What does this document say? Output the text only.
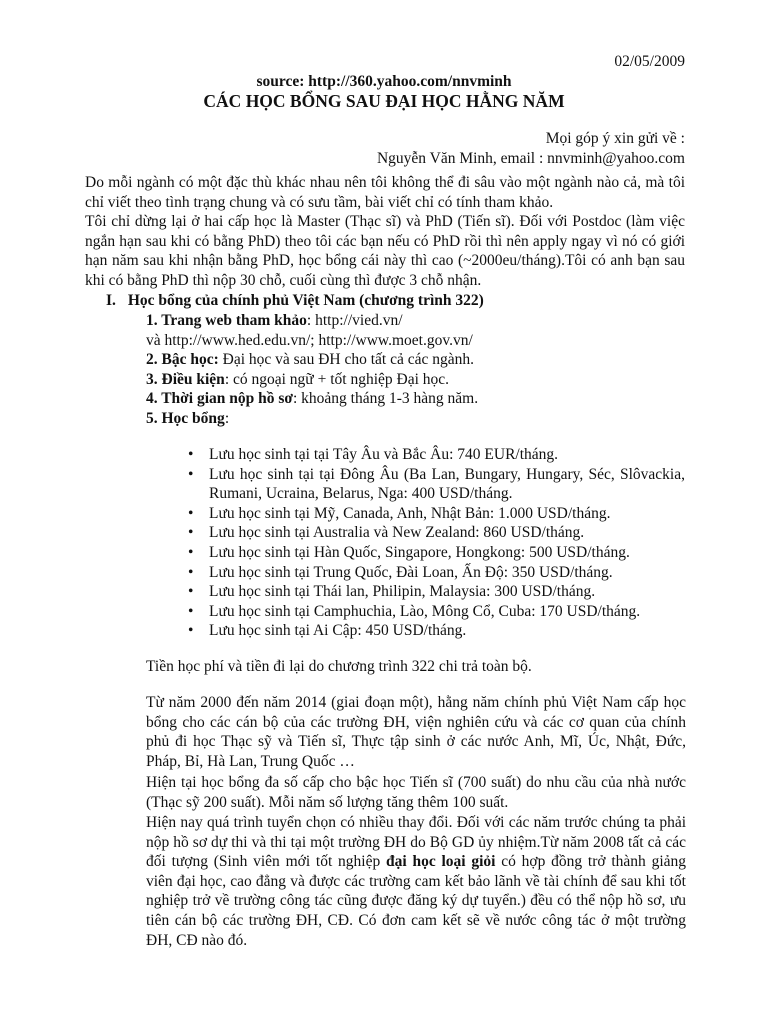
02/05/2009
source: http://360.yahoo.com/nnvminh
CÁC HỌC BỔNG SAU ĐẠI HỌC HẰNG NĂM
Mọi góp ý xin gửi về :
Nguyễn Văn Minh, email : nnvminh@yahoo.com

Do mỗi ngành có một đặc thù khác nhau nên tôi không thể đi sâu vào một ngành nào cả, mà tôi chỉ viết theo tình trạng chung và có sưu tầm, bài viết chỉ có tính tham khảo.

Tôi chỉ dừng lại ở hai cấp học là Master (Thạc sĩ) và PhD (Tiến sĩ). Đối với Postdoc (làm việc ngắn hạn sau khi có bằng PhD) theo tôi các bạn nếu có PhD rồi thì nên apply ngay vì nó có giới hạn năm sau khi nhận bằng PhD, học bổng cái này thì cao (~2000eu/tháng).Tôi có anh bạn sau khi có bằng PhD thì nộp 30 chỗ, cuối cùng thì được 3 chỗ nhận.

I. Học bổng của chính phủ Việt Nam (chương trình 322)
1. Trang web tham khảo: http://vied.vn/
và http://www.hed.edu.vn/; http://www.moet.gov.vn/
2. Bậc học: Đại học và sau ĐH cho tất cả các ngành.
3. Điều kiện: có ngoại ngữ + tốt nghiệp Đại học.
4. Thời gian nộp hồ sơ: khoảng tháng 1-3 hàng năm.
5. Học bổng:
• Lưu học sinh tại tại Tây Âu và Bắc Âu: 740 EUR/tháng.
• Lưu học sinh tại tại Đông Âu (Ba Lan, Bungary, Hungary, Séc, Slôvackia, Rumani, Ucraina, Belarus, Nga: 400 USD/tháng.
• Lưu học sinh tại Mỹ, Canada, Anh, Nhật Bản: 1.000 USD/tháng.
• Lưu học sinh tại Australia và New Zealand: 860 USD/tháng.
• Lưu học sinh tại Hàn Quốc, Singapore, Hongkong: 500 USD/tháng.
• Lưu học sinh tại Trung Quốc, Đài Loan, Ấn Độ: 350 USD/tháng.
• Lưu học sinh tại Thái lan, Philipin, Malaysia: 300 USD/tháng.
• Lưu học sinh tại Camphuchia, Lào, Mông Cổ, Cuba: 170 USD/tháng.
• Lưu học sinh tại Ai Cập: 450 USD/tháng.

Tiền học phí và tiền đi lại do chương trình 322 chi trả toàn bộ.

Từ năm 2000 đến năm 2014 (giai đoạn một), hằng năm chính phủ Việt Nam cấp học bổng cho các cán bộ của các trường ĐH, viện nghiên cứu và các cơ quan của chính phủ đi học Thạc sỹ và Tiến sĩ, Thực tập sinh ở các nước Anh, Mĩ, Úc, Nhật, Đức, Pháp, Bỉ, Hà Lan, Trung Quốc …

Hiện tại học bổng đa số cấp cho bậc học Tiến sĩ (700 suất) do nhu cầu của nhà nước (Thạc sỹ 200 suất). Mỗi năm số lượng tăng thêm 100 suất.

Hiện nay quá trình tuyển chọn có nhiều thay đổi. Đối với các năm trước chúng ta phải nộp hồ sơ dự thi và thi tại một trường ĐH do Bộ GD ủy nhiệm.Từ năm 2008 tất cả các đối tượng (Sinh viên mới tốt nghiệp đại học loại giỏi có hợp đồng trở thành giảng viên đại học, cao đẳng và được các trường cam kết bảo lãnh về tài chính để sau khi tốt nghiệp trở về trường công tác cũng được đăng ký dự tuyển.) đều có thể nộp hồ sơ, ưu tiên cán bộ các trường ĐH, CĐ. Có đơn cam kết sẽ về nước công tác ở một trường ĐH, CĐ nào đó.
